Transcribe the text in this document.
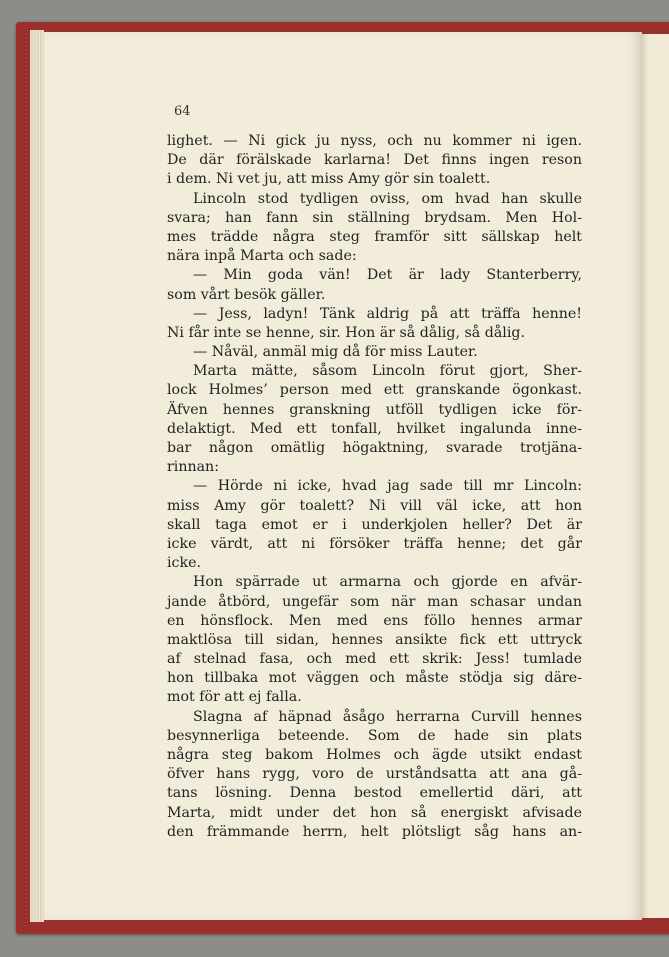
64
lighet. — Ni gick ju nyss, och nu kommer ni igen.
De där förälskade karlarna! Det finns ingen reson
i dem. Ni vet ju, att miss Amy gör sin toalett.
Lincoln stod tydligen oviss, om hvad han skulle
svara; han fann sin ställning brydsam. Men Hol-
mes trädde några steg framför sitt sällskap helt
nära inpå Marta och sade:
— Min goda vän! Det är lady Stanterberry,
som vårt besök gäller.
— Jess, ladyn! Tänk aldrig på att träffa henne!
Ni får inte se henne, sir. Hon är så dålig, så dålig.
— Nåväl, anmäl mig då för miss Lauter.
Marta mätte, såsom Lincoln förut gjort, Sher-
lock Holmes’ person med ett granskande ögonkast.
Äfven hennes granskning utföll tydligen icke för-
delaktigt. Med ett tonfall, hvilket ingalunda inne-
bar någon omätlig högaktning, svarade trotjäna-
rinnan:
— Hörde ni icke, hvad jag sade till mr Lincoln:
miss Amy gör toalett? Ni vill väl icke, att hon
skall taga emot er i underkjolen heller? Det är
icke värdt, att ni försöker träffa henne; det går
icke.
Hon spärrade ut armarna och gjorde en afvär-
jande åtbörd, ungefär som när man schasar undan
en hönsflock. Men med ens föllo hennes armar
maktlösa till sidan, hennes ansikte fick ett uttryck
af stelnad fasa, och med ett skrik: Jess! tumlade
hon tillbaka mot väggen och måste stödja sig däre-
mot för att ej falla.
Slagna af häpnad åsågo herrarna Curvill hennes
besynnerliga beteende. Som de hade sin plats
några steg bakom Holmes och ägde utsikt endast
öfver hans rygg, voro de urståndsatta att ana gå-
tans lösning. Denna bestod emellertid däri, att
Marta, midt under det hon så energiskt afvisade
den främmande herrn, helt plötsligt såg hans an-
